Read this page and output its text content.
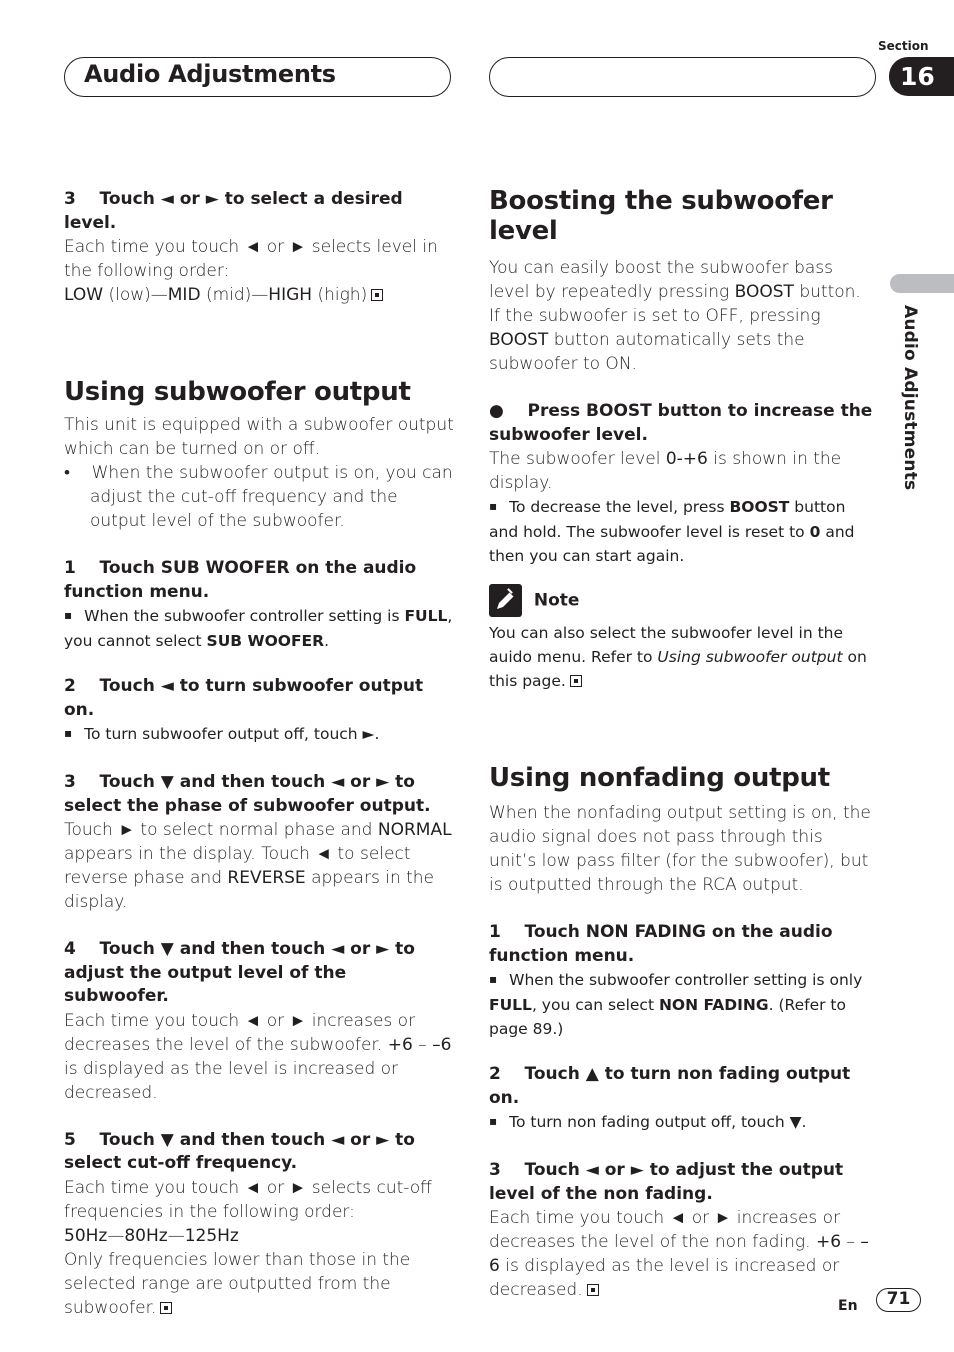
Audio Adjustments
Section
16
Audio Adjustments

3 Touch ◄ or ► to select a desired level.

Each time you touch ◄ or ► selects level in the following order:

LOW (low)—MID (mid)—HIGH (high)

Using subwoofer output

This unit is equipped with a subwoofer output which can be turned on or off.

•    When the subwoofer output is on, you can adjust the cut-off frequency and the output level of the subwoofer.

1 Touch SUB WOOFER on the audio function menu.

▪ When the subwoofer controller setting is FULL, you cannot select SUB WOOFER.

2 Touch ◄ to turn subwoofer output on.

▪ To turn subwoofer output off, touch ►.

3 Touch ▼ and then touch ◄ or ► to select the phase of subwoofer output.

Touch ► to select normal phase and NORMAL appears in the display. Touch ◄ to select reverse phase and REVERSE appears in the display.

4 Touch ▼ and then touch ◄ or ► to adjust the output level of the subwoofer.

Each time you touch ◄ or ► increases or decreases the level of the subwoofer. +6 – –6 is displayed as the level is increased or decreased.

5 Touch ▼ and then touch ◄ or ► to select cut-off frequency.

Each time you touch ◄ or ► selects cut-off frequencies in the following order:

50Hz—80Hz—125Hz

Only frequencies lower than those in the selected range are outputted from the subwoofer.

Boosting the subwoofer level

You can easily boost the subwoofer bass level by repeatedly pressing BOOST button. If the subwoofer is set to OFF, pressing BOOST button automatically sets the subwoofer to ON.

●    Press BOOST button to increase the subwoofer level.

The subwoofer level 0-+6 is shown in the display.

▪ To decrease the level, press BOOST button and hold. The subwoofer level is reset to 0 and then you can start again.

Note

You can also select the subwoofer level in the auido menu. Refer to Using subwoofer output on this page.

Using nonfading output

When the nonfading output setting is on, the audio signal does not pass through this unit’s low pass filter (for the subwoofer), but is outputted through the RCA output.

1 Touch NON FADING on the audio function menu.

▪ When the subwoofer controller setting is only FULL, you can select NON FADING. (Refer to page 89.)

2 Touch ▲ to turn non fading output on.

▪ To turn non fading output off, touch ▼.

3 Touch ◄ or ► to adjust the output level of the non fading.

Each time you touch ◄ or ► increases or decreases the level of the non fading. +6 – –6 is displayed as the level is increased or decreased.

En	71
